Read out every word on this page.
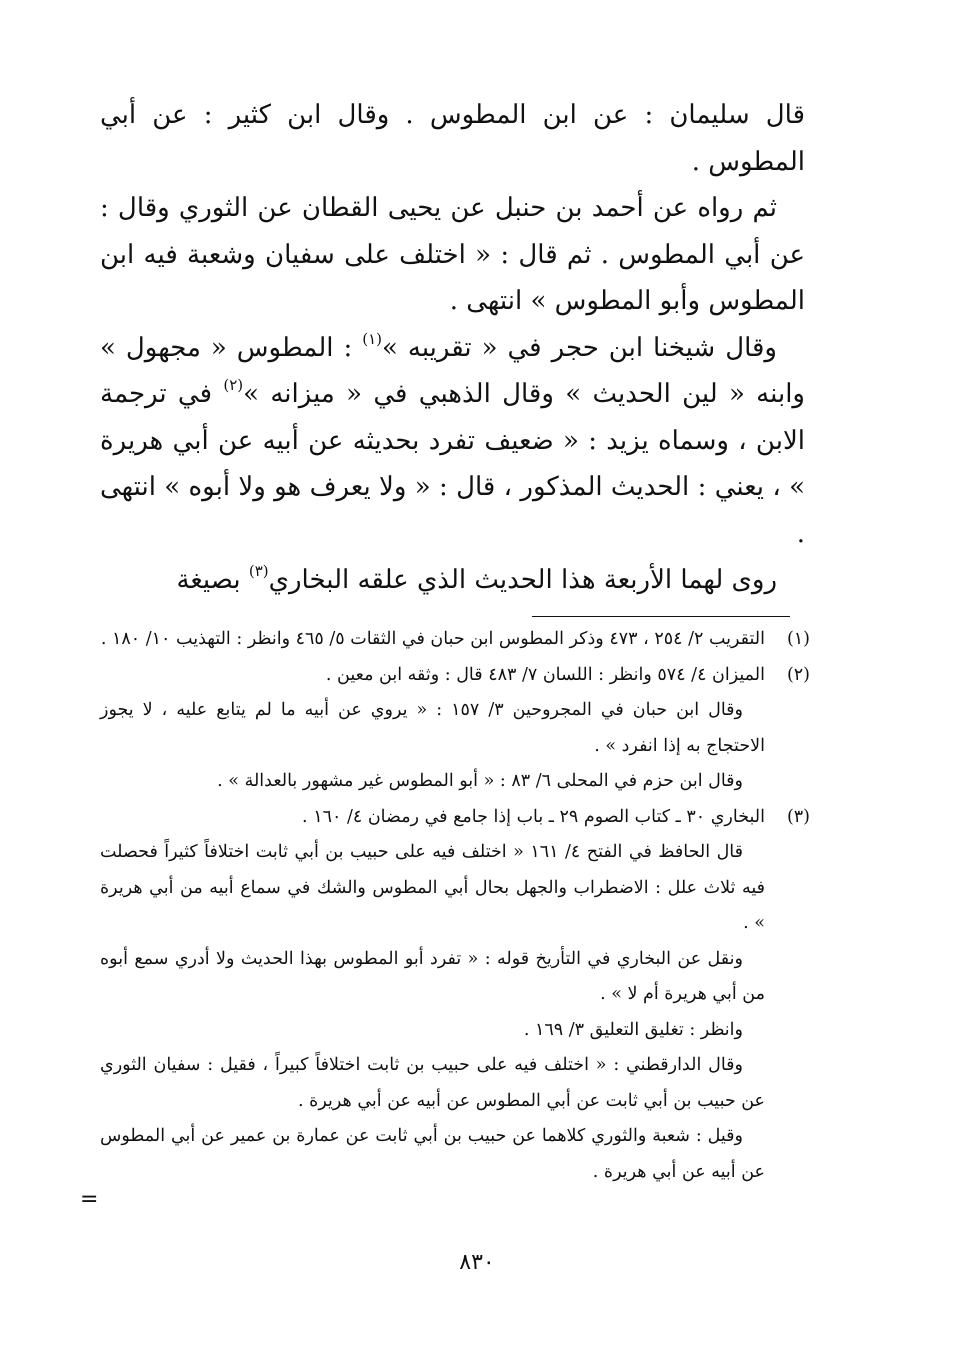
قال سليمان : عن ابن المطوس . وقال ابن كثير : عن أبي المطوس .

ثم رواه عن أحمد بن حنبل عن يحيى القطان عن الثوري وقال : عن أبي المطوس . ثم قال : « اختلف على سفيان وشعبة فيه ابن المطوس وأبو المطوس » انتهى .

وقال شيخنا ابن حجر في « تقريبه »$^{(١)}$ : المطوس « مجهول » وابنه « لين الحديث » وقال الذهبي في « ميزانه »$^{(٢)}$ في ترجمة الابن ، وسماه يزيد : « ضعيف تفرد بحديثه عن أبيه عن أبي هريرة » ، يعني : الحديث المذكور ، قال : « ولا يعرف هو ولا أبوه » انتهى .

روى لهما الأربعة هذا الحديث الذي علقه البخاري$^{(٣)}$ بصيغة

(١)

التقريب ٢/ ٢٥٤ ، ٤٧٣ وذكر المطوس ابن حبان في الثقات ٥/ ٤٦٥ وانظر : التهذيب ١٠/ ١٨٠ .

(٢)

الميزان ٤/ ٥٧٤ وانظر : اللسان ٧/ ٤٨٣ قال : وثقه ابن معين .

وقال ابن حبان في المجروحين ٣/ ١٥٧ : « يروي عن أبيه ما لم يتابع عليه ، لا يجوز الاحتجاج به إذا انفرد » .

وقال ابن حزم في المحلى ٦/ ٨٣ : « أبو المطوس غير مشهور بالعدالة » .

(٣)

البخاري ٣٠ ـ كتاب الصوم ٢٩ ـ باب إذا جامع في رمضان ٤/ ١٦٠ .

قال الحافظ في الفتح ٤/ ١٦١ « اختلف فيه على حبيب بن أبي ثابت اختلافاً كثيراً فحصلت فيه ثلاث علل : الاضطراب والجهل بحال أبي المطوس والشك في سماع أبيه من أبي هريرة » .

ونقل عن البخاري في التأريخ قوله : « تفرد أبو المطوس بهذا الحديث ولا أدري سمع أبوه من أبي هريرة أم لا » .

وانظر : تغليق التعليق ٣/ ١٦٩ .

وقال الدارقطني : « اختلف فيه على حبيب بن ثابت اختلافاً كبيراً ، فقيل : سفيان الثوري عن حبيب بن أبي ثابت عن أبي المطوس عن أبيه عن أبي هريرة .

وقيل : شعبة والثوري كلاهما عن حبيب بن أبي ثابت عن عمارة بن عمير عن أبي المطوس عن أبيه عن أبي هريرة .

=
٨٣٠
